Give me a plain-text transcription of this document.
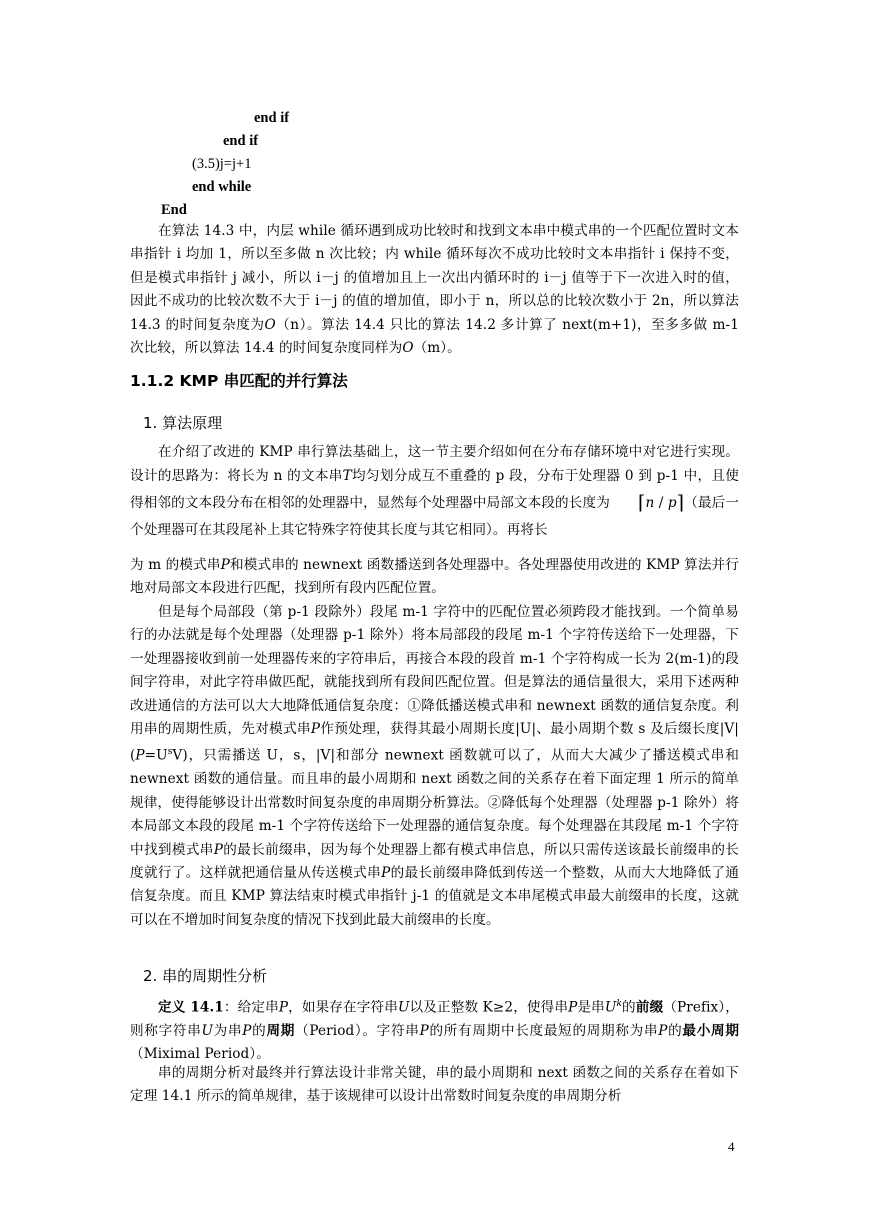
end if

end if

(3.5)j=j+1

end while

End

在算法 14.3 中，内层 while 循环遇到成功比较时和找到文本串中模式串的一个匹配位置时文本串指针 i 均加 1，所以至多做 n 次比较；内 while 循环每次不成功比较时文本串指针 i 保持不变，但是模式串指针 j 减小，所以 i－j 的值增加且上一次出内循环时的 i－j 值等于下一次进入时的值，因此不成功的比较次数不大于 i－j 的值的增加值，即小于 n，所以总的比较次数小于 2n，所以算法 14.3 的时间复杂度为O（n）。算法 14.4 只比的算法 14.2 多计算了 next(m+1)，至多多做 m-1 次比较，所以算法 14.4 的时间复杂度同样为O（m）。

1.1.2 KMP 串匹配的并行算法

1. 算法原理

在介绍了改进的 KMP 串行算法基础上，这一节主要介绍如何在分布存储环境中对它进行实现。设计的思路为：将长为 n 的文本串T均匀划分成互不重叠的 p 段，分布于处理器 0 到 p-1 中，且使得相邻的文本段分布在相邻的处理器中，显然每个处理器中局部文本段的长度为 ⌈n / p⌉（最后一个处理器可在其段尾补上其它特殊字符使其长度与其它相同）。再将长

为 m 的模式串P和模式串的 newnext 函数播送到各处理器中。各处理器使用改进的 KMP 算法并行地对局部文本段进行匹配，找到所有段内匹配位置。

但是每个局部段（第 p-1 段除外）段尾 m-1 字符中的匹配位置必须跨段才能找到。一个简单易行的办法就是每个处理器（处理器 p-1 除外）将本局部段的段尾 m-1 个字符传送给下一处理器，下一处理器接收到前一处理器传来的字符串后，再接合本段的段首 m-1 个字符构成一长为 2(m-1)的段间字符串，对此字符串做匹配，就能找到所有段间匹配位置。但是算法的通信量很大，采用下述两种改进通信的方法可以大大地降低通信复杂度：①降低播送模式串和 newnext 函数的通信复杂度。利用串的周期性质，先对模式串P作预处理，获得其最小周期长度|U|、最小周期个数 s 及后缀长度|V| $(P=U^sV)$，只需播送 U，s，|V|和部分 newnext 函数就可以了，从而大大减少了播送模式串和 newnext 函数的通信量。而且串的最小周期和 next 函数之间的关系存在着下面定理 1 所示的简单规律，使得能够设计出常数时间复杂度的串周期分析算法。②降低每个处理器（处理器 p-1 除外）将本局部文本段的段尾 m-1 个字符传送给下一处理器的通信复杂度。每个处理器在其段尾 m-1 个字符中找到模式串P的最长前缀串，因为每个处理器上都有模式串信息，所以只需传送该最长前缀串的长度就行了。这样就把通信量从传送模式串P的最长前缀串降低到传送一个整数，从而大大地降低了通信复杂度。而且 KMP 算法结束时模式串指针 j-1 的值就是文本串尾模式串最大前缀串的长度，这就可以在不增加时间复杂度的情况下找到此最大前缀串的长度。

2. 串的周期性分析

定义 14.1：给定串P，如果存在字符串U以及正整数 K≥2，使得串P是串$U^k$的前缀（Prefix），则称字符串U为串P的周期（Period）。字符串P的所有周期中长度最短的周期称为串P的最小周期（Miximal Period）。

串的周期分析对最终并行算法设计非常关键，串的最小周期和 next 函数之间的关系存在着如下定理 14.1 所示的简单规律，基于该规律可以设计出常数时间复杂度的串周期分析

4
